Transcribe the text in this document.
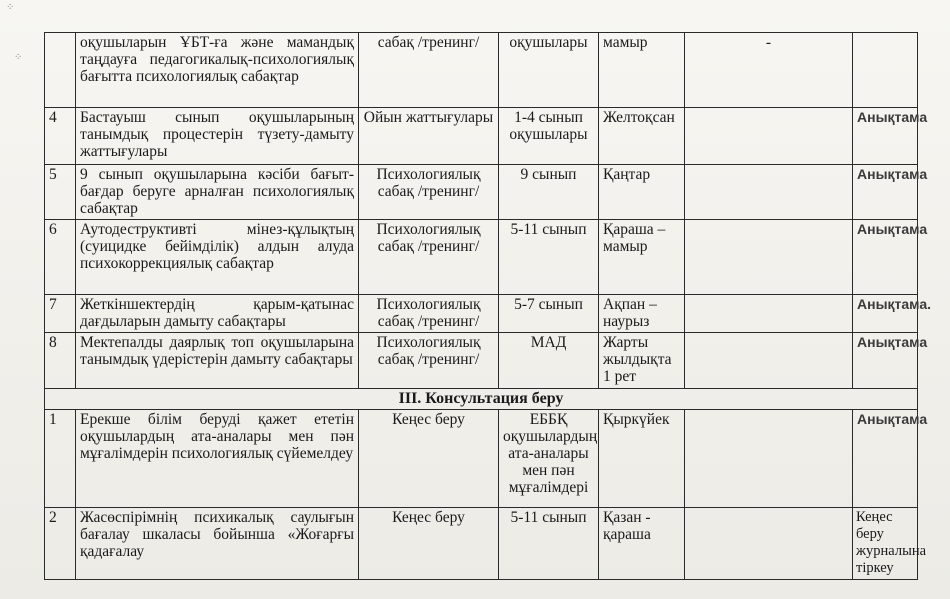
⁘
⁘
	оқушыларын ҰБТ-ға және мамандық таңдауға педагогикалық-психологиялық бағытта психологиялық сабақтар	сабақ /тренинг/	оқушылары	мамыр	-	
4	Бастауыш сынып оқушыларының танымдық процестерін түзету-дамыту жаттығулары	Ойын жаттығулары	1-4 сынып оқушылары	Желтоқсан		Анықтама
5	9 сынып оқушыларына кәсіби бағыт-бағдар беруге арналған психологиялық сабақтар	Психологиялық сабақ /тренинг/	9 сынып	Қаңтар		Анықтама
6	Аутодеструктивті мінез-құлықтың (суицидке бейімділік) алдын алуда психокоррекциялық сабақтар	Психологиялық сабақ /тренинг/	5-11 сынып	Қараша – мамыр		Анықтама
7	Жеткіншектердің қарым-қатынас дағдыларын дамыту сабақтары	Психологиялық сабақ /тренинг/	5-7 сынып	Ақпан – наурыз		Анықтама.
8	Мектепалды даярлық топ оқушыларына танымдық үдерістерін дамыту сабақтары	Психологиялық сабақ /тренинг/	МАД	Жарты жылдықта 1 рет		Анықтама
ІІІ. Консультация беру						
1	Ерекше білім беруді қажет ететін оқушылардың ата-аналары мен пән мұғалімдерін психологиялық сүйемелдеу	Кеңес беру	ЕББҚ оқушылардың ата-аналары мен пән мұғалімдері	Қыркүйек		Анықтама
2	Жасөспірімнің психикалық саулығын бағалау шкаласы бойынша «Жоғарғы қадағалау	Кеңес беру	5-11 сынып	Қазан - қараша		Кеңес беру журналына тіркеу
